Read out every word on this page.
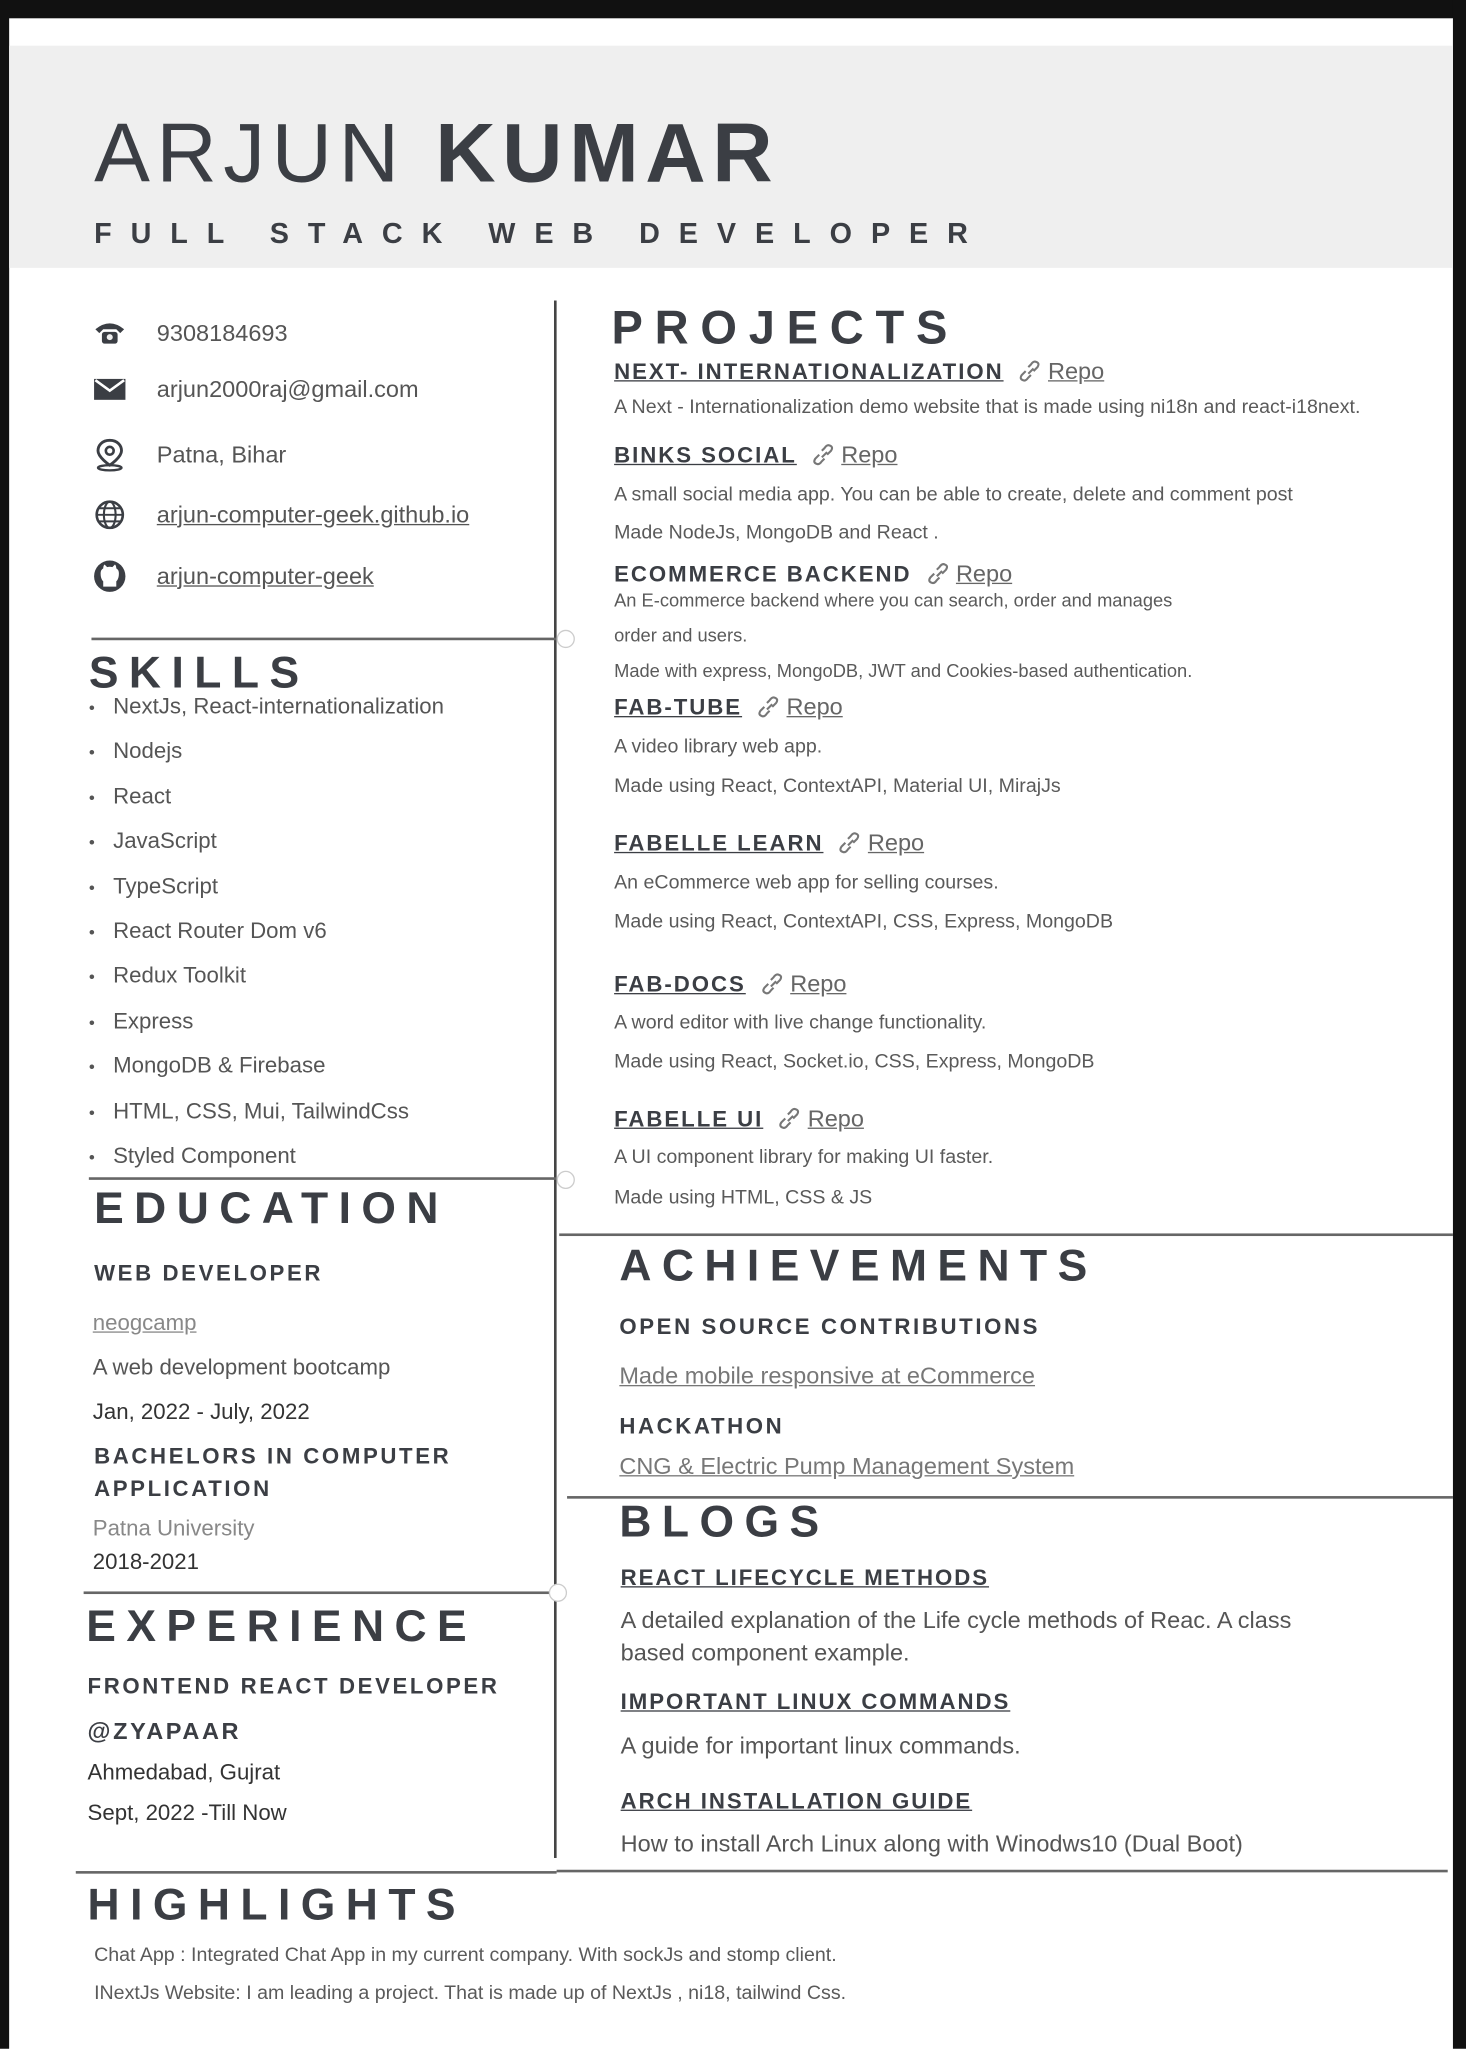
ARJUN KUMAR
FULL STACK WEB DEVELOPER
9308184693
arjun2000raj@gmail.com
Patna, Bihar
arjun-computer-geek.github.io
arjun-computer-geek
SKILLS
• NextJs, React-internationalization
• Nodejs
• React
• JavaScript
• TypeScript
• React Router Dom v6
• Redux Toolkit
• Express
• MongoDB & Firebase
• HTML, CSS, Mui, TailwindCss
• Styled Component
EDUCATION
WEB DEVELOPER
neogcamp
A web development bootcamp
Jan, 2022 - July, 2022
BACHELORS IN COMPUTER
APPLICATION
Patna University
2018-2021
EXPERIENCE
FRONTEND REACT DEVELOPER
@ZYAPAAR
Ahmedabad, Gujrat
Sept, 2022 -Till Now
PROJECTS
NEXT- INTERNATIONALIZATION Repo
A Next - Internationalization demo website that is made using ni18n and react-i18next.
BINKS SOCIAL Repo
A small social media app. You can be able to create, delete and comment post
Made NodeJs, MongoDB and React .
ECOMMERCE BACKEND Repo
An E-commerce backend where you can search, order and manages
order and users.
Made with express, MongoDB, JWT and Cookies-based authentication.
FAB-TUBE Repo
A video library web app.
Made using React, ContextAPI, Material UI, MirajJs
FABELLE LEARN Repo
An eCommerce web app for selling courses.
Made using React, ContextAPI, CSS, Express, MongoDB
FAB-DOCS Repo
A word editor with live change functionality.
Made using React, Socket.io, CSS, Express, MongoDB
FABELLE UI Repo
A UI component library for making UI faster.
Made using HTML, CSS & JS
ACHIEVEMENTS
OPEN SOURCE CONTRIBUTIONS
Made mobile responsive at eCommerce
HACKATHON
CNG & Electric Pump Management System
BLOGS
REACT LIFECYCLE METHODS
A detailed explanation of the Life cycle methods of Reac. A class based component example.
IMPORTANT LINUX COMMANDS
A guide for important linux commands.
ARCH INSTALLATION GUIDE
How to install Arch Linux along with Winodws10 (Dual Boot)
HIGHLIGHTS
Chat App : Integrated Chat App in my current company. With sockJs and stomp client.
INextJs Website: I am leading a project. That is made up of NextJs , ni18, tailwind Css.
